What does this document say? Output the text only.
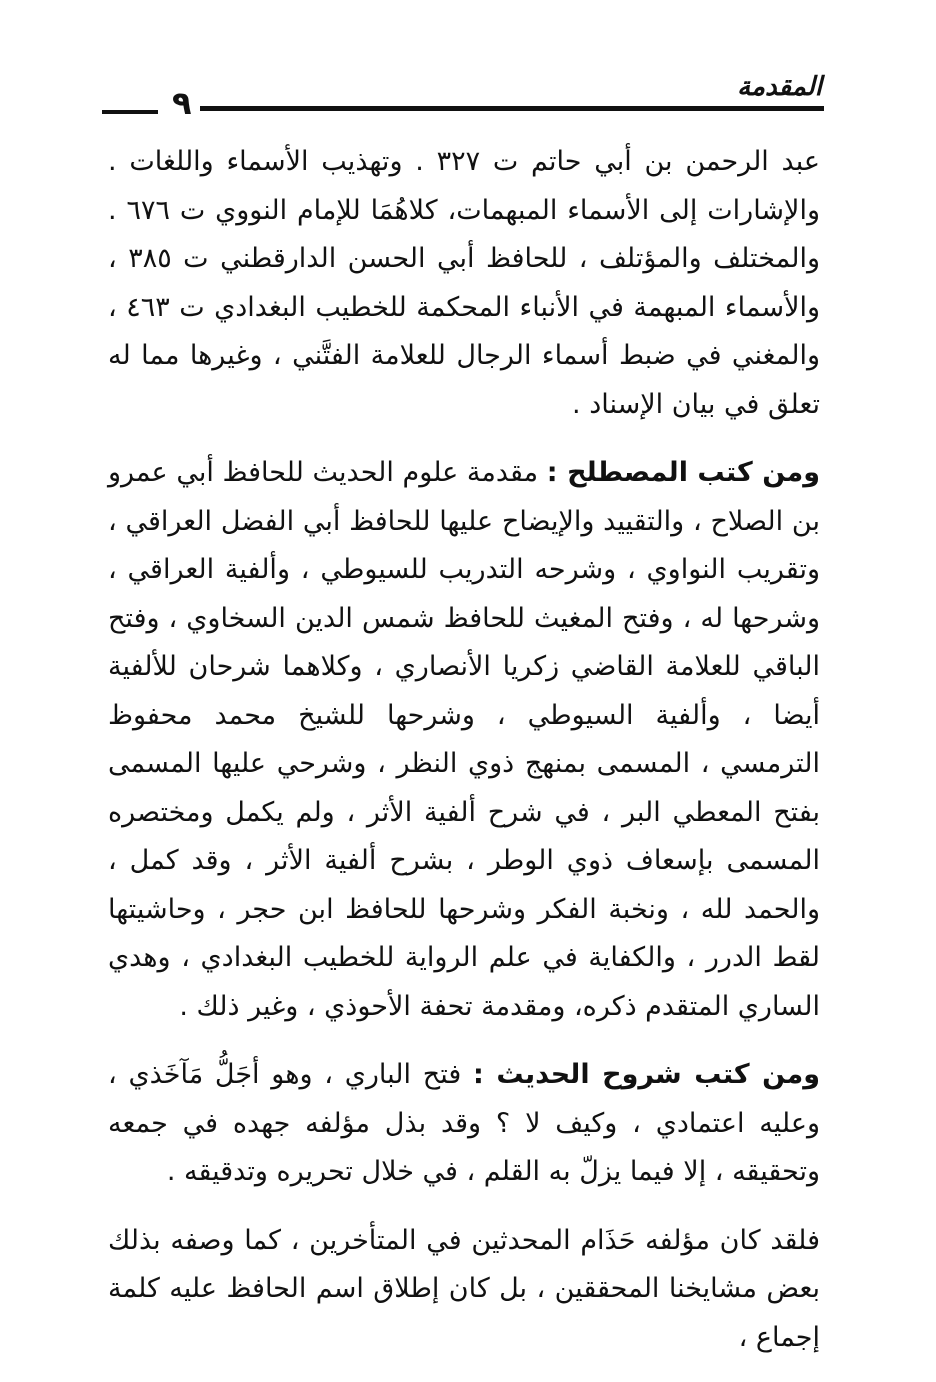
المقدمة
٩

عبد الرحمن بن أبي حاتم ت ٣٢٧ . وتهذيب الأسماء واللغات . والإشارات إلى الأسماء المبهمات، كلاهُمَا للإمام النووي ت ٦٧٦ . والمختلف والمؤتلف ، للحافظ أبي الحسن الدارقطني ت ٣٨٥ ، والأسماء المبهمة في الأنباء المحكمة للخطيب البغدادي ت ٤٦٣ ، والمغني في ضبط أسماء الرجال للعلامة الفتَّني ، وغيرها مما له تعلق في بيان الإسناد .

ومن كتب المصطلح : مقدمة علوم الحديث للحافظ أبي عمرو بن الصلاح ، والتقييد والإيضاح عليها للحافظ أبي الفضل العراقي ، وتقريب النواوي ، وشرحه التدريب للسيوطي ، وألفية العراقي ، وشرحها له ، وفتح المغيث للحافظ شمس الدين السخاوي ، وفتح الباقي للعلامة القاضي زكريا الأنصاري ، وكلاهما شرحان للألفية أيضا ، وألفية السيوطي ، وشرحها للشيخ محمد محفوظ الترمسي ، المسمى بمنهج ذوي النظر ، وشرحي عليها المسمى بفتح المعطي البر ، في شرح ألفية الأثر ، ولم يكمل ومختصره المسمى بإسعاف ذوي الوطر ، بشرح ألفية الأثر ، وقد كمل ، والحمد لله ، ونخبة الفكر وشرحها للحافظ ابن حجر ، وحاشيتها لقط الدرر ، والكفاية في علم الرواية للخطيب البغدادي ، وهدي الساري المتقدم ذكره، ومقدمة تحفة الأحوذي ، وغير ذلك .

ومن كتب شروح الحديث : فتح الباري ، وهو أجَلُّ مَآخَذي ، وعليه اعتمادي ، وكيف لا ؟ وقد بذل مؤلفه جهده في جمعه وتحقيقه ، إلا فيما يزلّ به القلم ، في خلال تحريره وتدقيقه .

فلقد كان مؤلفه حَذَام المحدثين في المتأخرين ، كما وصفه بذلك بعض مشايخنا المحققين ، بل كان إطلاق اسم الحافظ عليه كلمة إجماع ،
